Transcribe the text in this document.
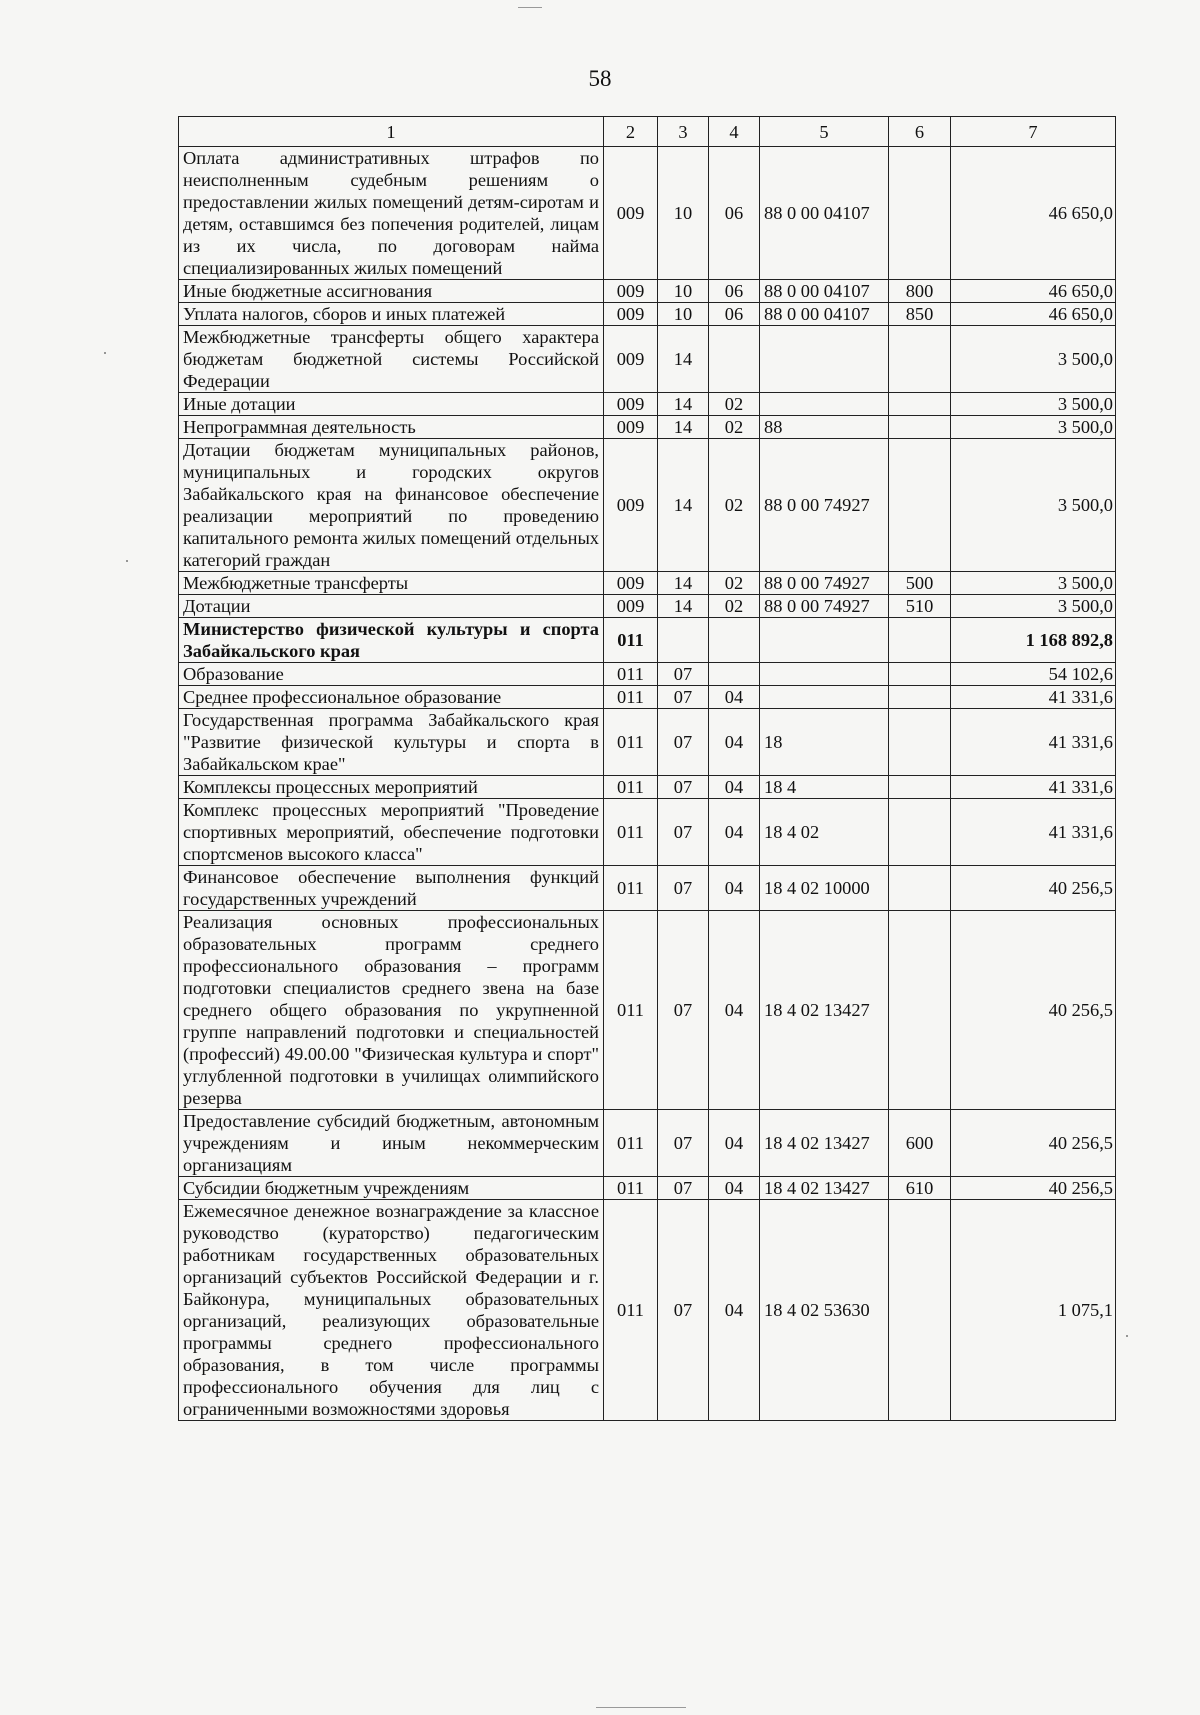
58
1	2	3	4	5	6	7
Оплата административных штрафов по неисполненным судебным решениям о предоставлении жилых помещений детям-сиротам и детям, оставшимся без попечения родителей, лицам из их числа, по договорам найма специализированных жилых помещений	009	10	06	88 0 00 04107		46 650,0
Иные бюджетные ассигнования	009	10	06	88 0 00 04107	800	46 650,0
Уплата налогов, сборов и иных платежей	009	10	06	88 0 00 04107	850	46 650,0
Межбюджетные трансферты общего характера бюджетам бюджетной системы Российской Федерации	009	14				3 500,0
Иные дотации	009	14	02			3 500,0
Непрограммная деятельность	009	14	02	88		3 500,0
Дотации бюджетам муниципальных районов, муниципальных и городских округов Забайкальского края на финансовое обеспечение реализации мероприятий по проведению капитального ремонта жилых помещений отдельных категорий граждан	009	14	02	88 0 00 74927		3 500,0
Межбюджетные трансферты	009	14	02	88 0 00 74927	500	3 500,0
Дотации	009	14	02	88 0 00 74927	510	3 500,0
Министерство физической культуры и спорта Забайкальского края	011					1 168 892,8
Образование	011	07				54 102,6
Среднее профессиональное образование	011	07	04			41 331,6
Государственная программа Забайкальского края "Развитие физической культуры и спорта в Забайкальском крае"	011	07	04	18		41 331,6
Комплексы процессных мероприятий	011	07	04	18 4		41 331,6
Комплекс процессных мероприятий "Проведение спортивных мероприятий, обеспечение подготовки спортсменов высокого класса"	011	07	04	18 4 02		41 331,6
Финансовое обеспечение выполнения функций государственных учреждений	011	07	04	18 4 02 10000		40 256,5
Реализация основных профессиональных образовательных программ среднего профессионального образования – программ подготовки специалистов среднего звена на базе среднего общего образования по укрупненной группе направлений подготовки и специальностей (профессий) 49.00.00 "Физическая культура и спорт" углубленной подготовки в училищах олимпийского резерва	011	07	04	18 4 02 13427		40 256,5
Предоставление субсидий бюджетным, автономным учреждениям и иным некоммерческим организациям	011	07	04	18 4 02 13427	600	40 256,5
Субсидии бюджетным учреждениям	011	07	04	18 4 02 13427	610	40 256,5
Ежемесячное денежное вознаграждение за классное руководство (кураторство) педагогическим работникам государственных образовательных организаций субъектов Российской Федерации и г. Байконура, муниципальных образовательных организаций, реализующих образовательные программы среднего профессионального образования, в том числе программы профессионального обучения для лиц с ограниченными возможностями здоровья	011	07	04	18 4 02 53630		1 075,1
